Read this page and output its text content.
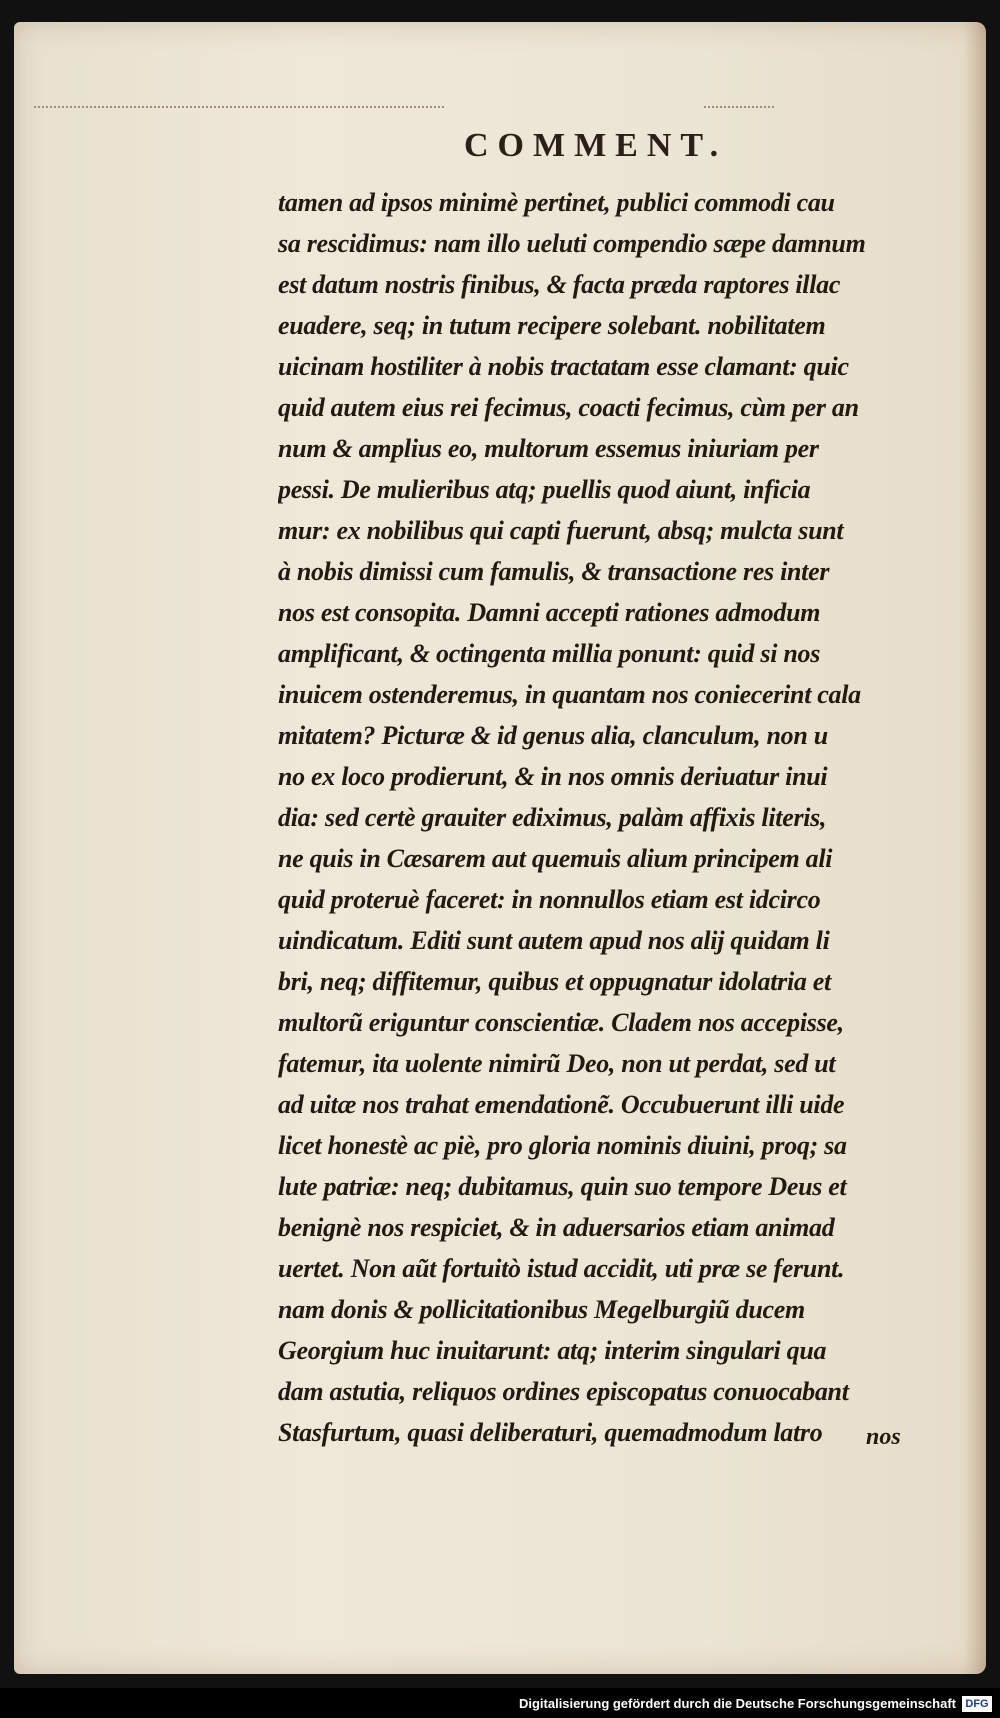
COMMENT.
tamen ad ipsos minimè pertinet, publici commodi cau
sa rescidimus: nam illo ueluti compendio sæpe damnum
est datum nostris finibus, & facta præda raptores illac
euadere, seq; in tutum recipere solebant. nobilitatem
uicinam hostiliter à nobis tractatam esse clamant: quic
quid autem eius rei fecimus, coacti fecimus, cùm per an
num & amplius eo, multorum essemus iniuriam per
pessi. De mulieribus atq; puellis quod aiunt, inficia
mur: ex nobilibus qui capti fuerunt, absq; mulcta sunt
à nobis dimissi cum famulis, & transactione res inter
nos est consopita. Damni accepti rationes admodum
amplificant, & octingenta millia ponunt: quid si nos
inuicem ostenderemus, in quantam nos coniecerint cala
mitatem? Picturæ & id genus alia, clanculum, non u
no ex loco prodierunt, & in nos omnis deriuatur inui
dia: sed certè grauiter ediximus, palàm affixis literis,
ne quis in Cæsarem aut quemuis alium principem ali
quid proteruè faceret: in nonnullos etiam est idcirco
uindicatum. Editi sunt autem apud nos alij quidam li
bri, neq; diffitemur, quibus et oppugnatur idolatria et
multorũ eriguntur conscientiæ. Cladem nos accepisse,
fatemur, ita uolente nimirũ Deo, non ut perdat, sed ut
ad uitæ nos trahat emendationẽ. Occubuerunt illi uide
licet honestè ac piè, pro gloria nominis diuini, proq; sa
lute patriæ: neq; dubitamus, quin suo tempore Deus et
benignè nos respiciet, & in aduersarios etiam animad
uertet. Non aũt fortuitò istud accidit, uti præ se ferunt.
nam donis & pollicitationibus Megelburgiũ ducem
Georgium huc inuitarunt: atq; interim singulari qua
dam astutia, reliquos ordines episcopatus conuocabant
Stasfurtum, quasi deliberaturi, quemadmodum latro	nos
Digitalisierung gefördert durch die Deutsche Forschungsgemeinschaft DFG
